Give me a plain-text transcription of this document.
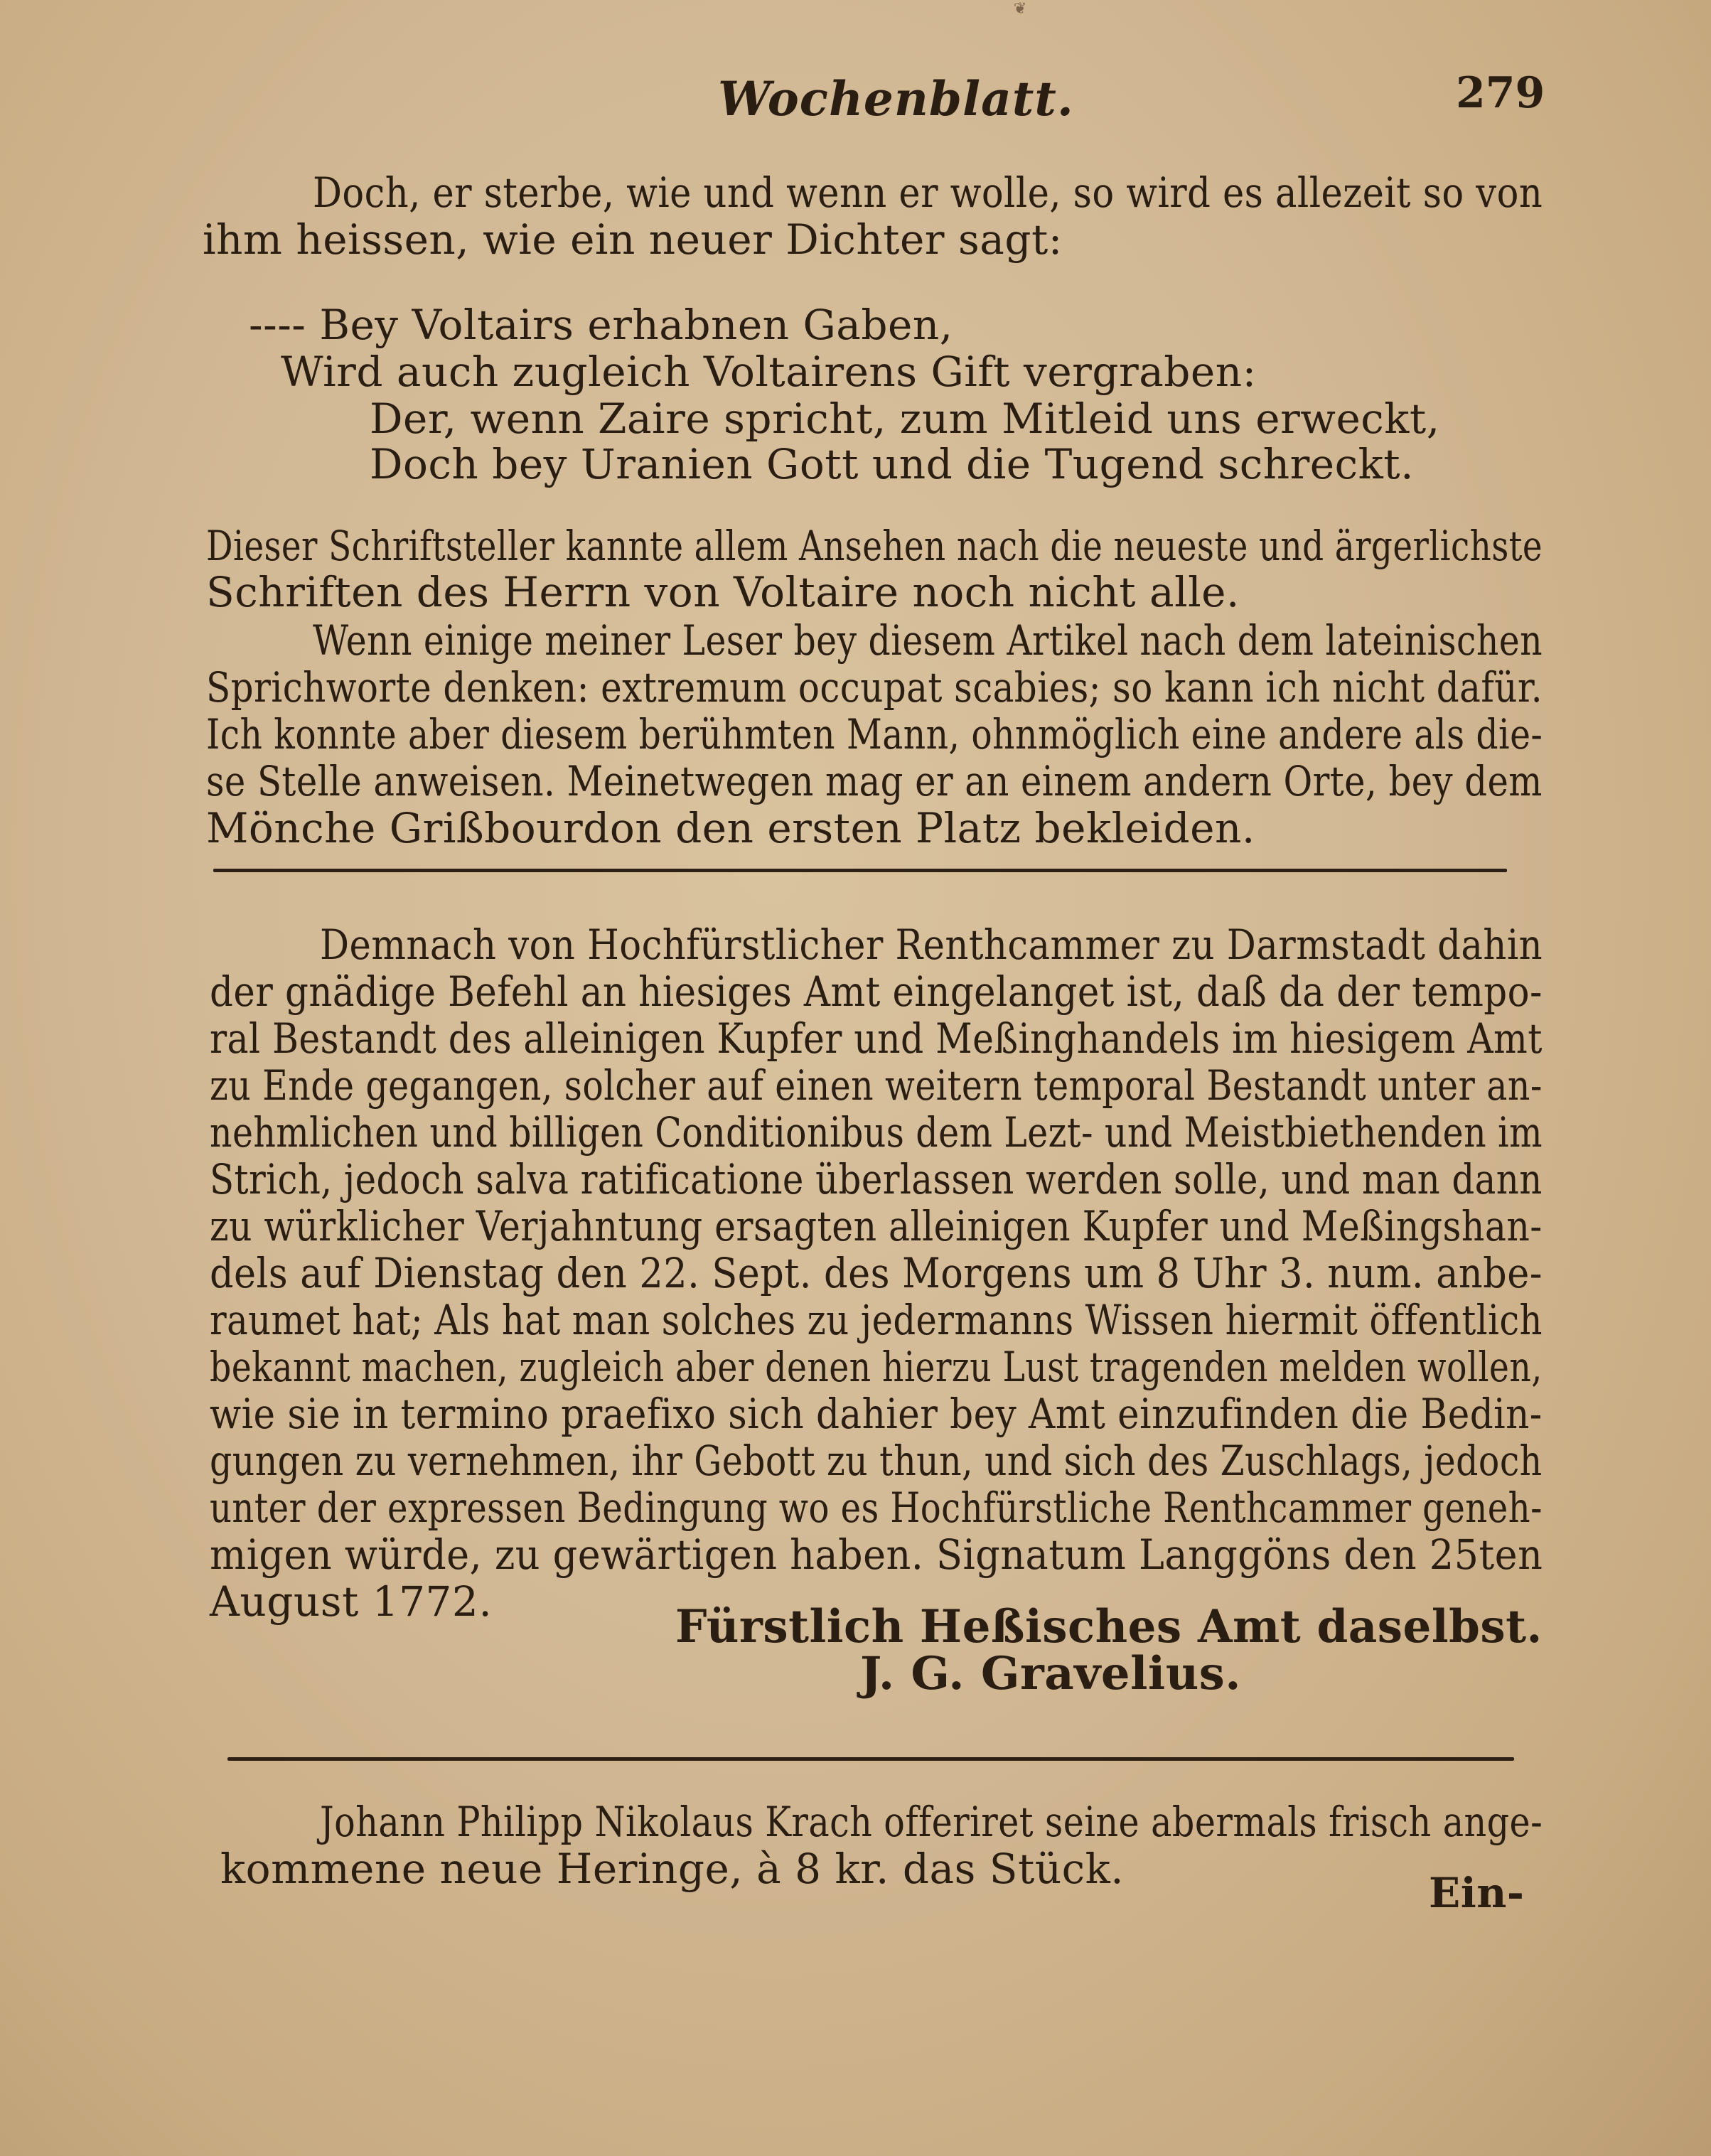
❦
Wochenblatt.	279
Doch, er sterbe, wie und wenn er wolle, so wird es allezeit so von
ihm heissen, wie ein neuer Dichter sagt:
---- Bey Voltairs erhabnen Gaben,
Wird auch zugleich Voltairens Gift vergraben:
Der, wenn Zaire spricht, zum Mitleid uns erweckt,
Doch bey Uranien Gott und die Tugend schreckt.
Dieser Schriftsteller kannte allem Ansehen nach die neueste und ärgerlichste
Schriften des Herrn von Voltaire noch nicht alle.
Wenn einige meiner Leser bey diesem Artikel nach dem lateinischen
Sprichworte denken: extremum occupat scabies; so kann ich nicht dafür.
Ich konnte aber diesem berühmten Mann, ohnmöglich eine andere als die-
se Stelle anweisen. Meinetwegen mag er an einem andern Orte, bey dem
Mönche Grißbourdon den ersten Platz bekleiden.
Demnach von Hochfürstlicher Renthcammer zu Darmstadt dahin
der gnädige Befehl an hiesiges Amt eingelanget ist, daß da der tempo-
ral Bestandt des alleinigen Kupfer und Meßinghandels im hiesigem Amt
zu Ende gegangen, solcher auf einen weitern temporal Bestandt unter an-
nehmlichen und billigen Conditionibus dem Lezt- und Meistbiethenden im
Strich, jedoch salva ratificatione überlassen werden solle, und man dann
zu würklicher Verjahntung ersagten alleinigen Kupfer und Meßingshan-
dels auf Dienstag den 22. Sept. des Morgens um 8 Uhr 3. num. anbe-
raumet hat; Als hat man solches zu jedermanns Wissen hiermit öffentlich
bekannt machen, zugleich aber denen hierzu Lust tragenden melden wollen,
wie sie in termino praefixo sich dahier bey Amt einzufinden die Bedin-
gungen zu vernehmen, ihr Gebott zu thun, und sich des Zuschlags, jedoch
unter der expressen Bedingung wo es Hochfürstliche Renthcammer geneh-
migen würde, zu gewärtigen haben. Signatum Langgöns den 25ten
August 1772.	Fürstlich Heßisches Amt daselbst.
J. G. Gravelius.
Johann Philipp Nikolaus Krach offeriret seine abermals frisch ange-
kommene neue Heringe, à 8 kr. das Stück.	Ein-
